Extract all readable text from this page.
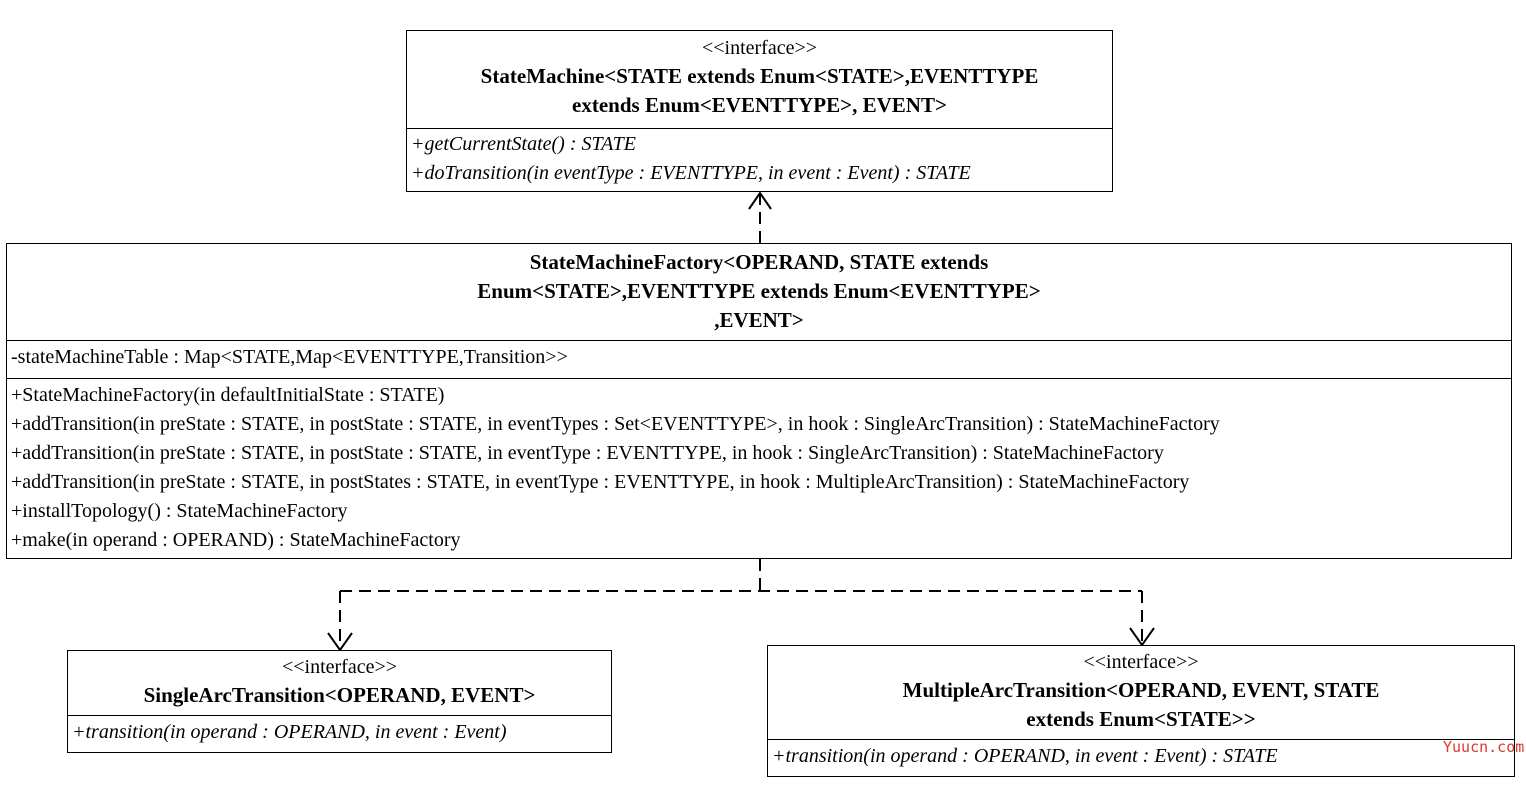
<<interface>>
StateMachine<STATE extends Enum<STATE>,EVENTTYPE
extends Enum<EVENTTYPE>, EVENT>
+getCurrentState() : STATE
+doTransition(in eventType : EVENTTYPE, in event : Event) : STATE
StateMachineFactory<OPERAND, STATE extends
Enum<STATE>,EVENTTYPE extends Enum<EVENTTYPE>
,EVENT>
-stateMachineTable : Map<STATE,Map<EVENTTYPE,Transition>>
+StateMachineFactory(in defaultInitialState : STATE)
+addTransition(in preState : STATE, in postState : STATE, in eventTypes : Set<EVENTTYPE>, in hook : SingleArcTransition) : StateMachineFactory
+addTransition(in preState : STATE, in postState : STATE, in eventType : EVENTTYPE, in hook : SingleArcTransition) : StateMachineFactory
+addTransition(in preState : STATE, in postStates : STATE, in eventType : EVENTTYPE, in hook : MultipleArcTransition) : StateMachineFactory
+installTopology() : StateMachineFactory
+make(in operand : OPERAND) : StateMachineFactory
<<interface>>
SingleArcTransition<OPERAND, EVENT>
+transition(in operand : OPERAND, in event : Event)
<<interface>>
MultipleArcTransition<OPERAND, EVENT, STATE
extends Enum<STATE>>
+transition(in operand : OPERAND, in event : Event) : STATE	Yuucn.com
